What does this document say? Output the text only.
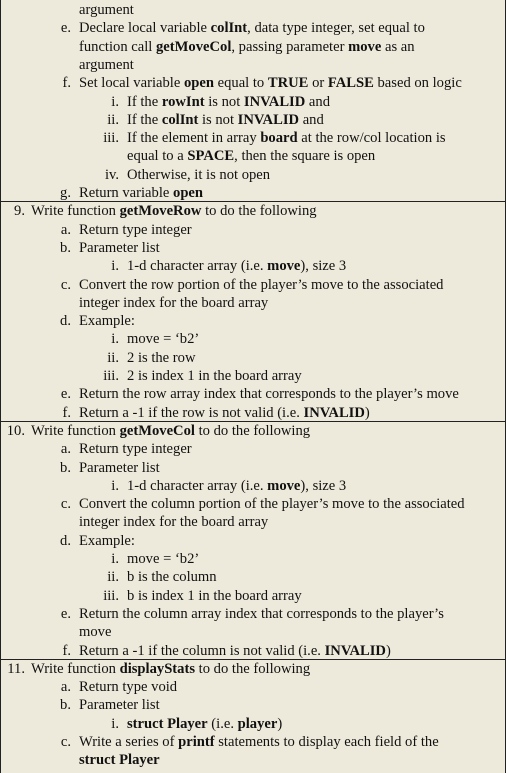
argument
e. Declare local variable colInt, data type integer, set equal to
function call getMoveCol, passing parameter move as an
argument
f. Set local variable open equal to TRUE or FALSE based on logic
i. If the rowInt is not INVALID and
ii. If the colInt is not INVALID and
iii. If the element in array board at the row/col location is
equal to a SPACE, then the square is open
iv. Otherwise, it is not open
g. Return variable open
9. Write function getMoveRow to do the following
a. Return type integer
b. Parameter list
i. 1-d character array (i.e. move), size 3
c. Convert the row portion of the player’s move to the associated
integer index for the board array
d. Example:
i. move = ‘b2’
ii. 2 is the row
iii. 2 is index 1 in the board array
e. Return the row array index that corresponds to the player’s move
f. Return a -1 if the row is not valid (i.e. INVALID)
10. Write function getMoveCol to do the following
a. Return type integer
b. Parameter list
i. 1-d character array (i.e. move), size 3
c. Convert the column portion of the player’s move to the associated
integer index for the board array
d. Example:
i. move = ‘b2’
ii. b is the column
iii. b is index 1 in the board array
e. Return the column array index that corresponds to the player’s
move
f. Return a -1 if the column is not valid (i.e. INVALID)
11. Write function displayStats to do the following
a. Return type void
b. Parameter list
i. struct Player (i.e. player)
c. Write a series of printf statements to display each field of the
struct Player
